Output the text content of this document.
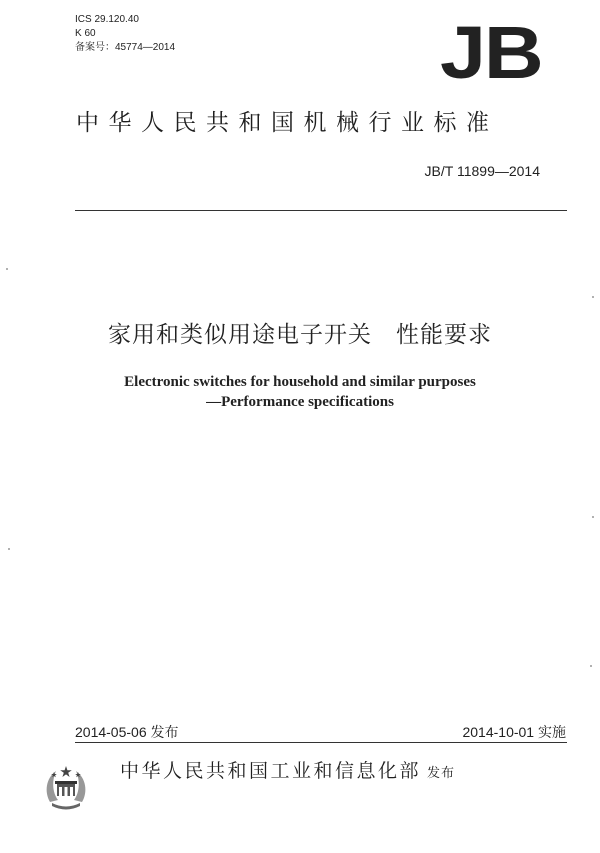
ICS 29.120.40
K 60
备案号：45774—2014	JB
中华人民共和国机械行业标准
JB/T 11899—2014
家用和类似用途电子开关　性能要求
Electronic switches for household and similar purposes
—Performance specifications
2014-05-06 发布	2014-10-01 实施
中华人民共和国工业和信息化部 发布
